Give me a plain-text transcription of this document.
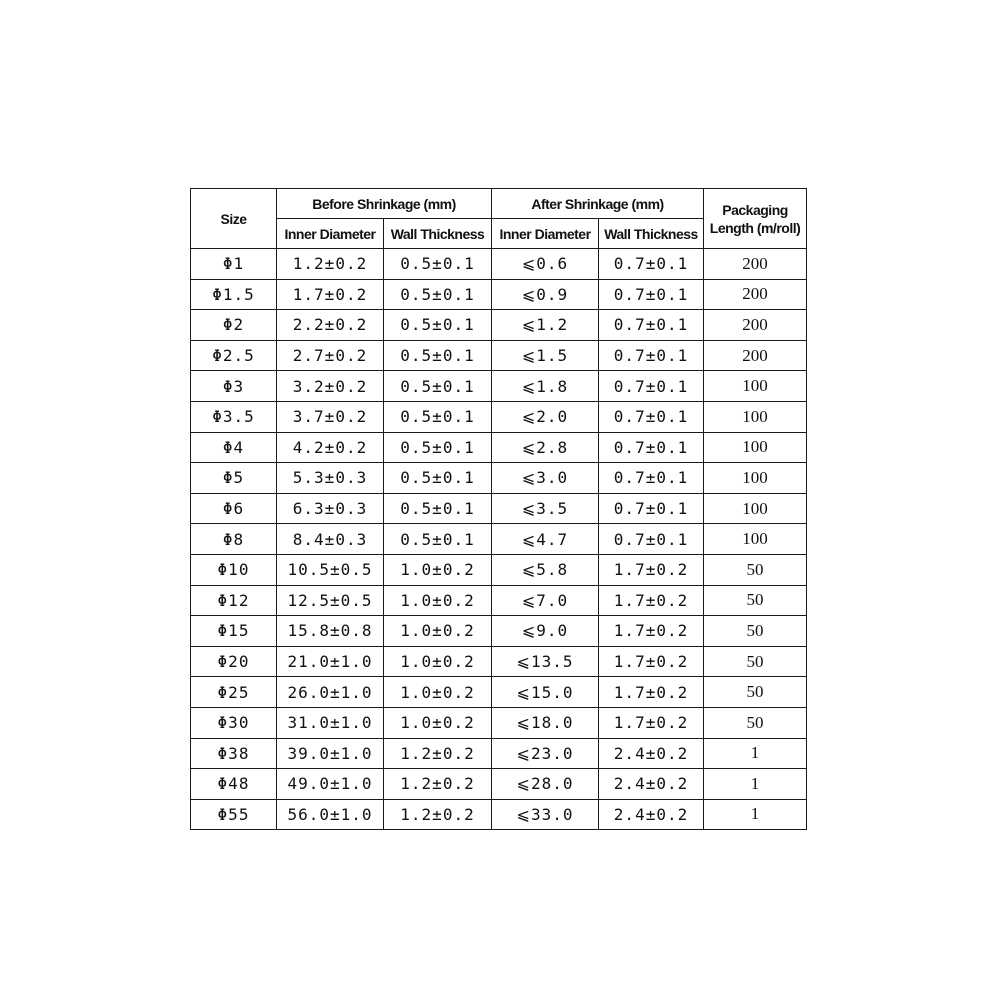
Size	Before Shrinkage (mm)		After Shrinkage (mm)		Packaging Length (m/roll)
	Inner Diameter	Wall Thickness	Inner Diameter	Wall Thickness	
Φ1	1.2±0.2	0.5±0.1	⩽0.6	0.7±0.1	200
Φ1.5	1.7±0.2	0.5±0.1	⩽0.9	0.7±0.1	200
Φ2	2.2±0.2	0.5±0.1	⩽1.2	0.7±0.1	200
Φ2.5	2.7±0.2	0.5±0.1	⩽1.5	0.7±0.1	200
Φ3	3.2±0.2	0.5±0.1	⩽1.8	0.7±0.1	100
Φ3.5	3.7±0.2	0.5±0.1	⩽2.0	0.7±0.1	100
Φ4	4.2±0.2	0.5±0.1	⩽2.8	0.7±0.1	100
Φ5	5.3±0.3	0.5±0.1	⩽3.0	0.7±0.1	100
Φ6	6.3±0.3	0.5±0.1	⩽3.5	0.7±0.1	100
Φ8	8.4±0.3	0.5±0.1	⩽4.7	0.7±0.1	100
Φ10	10.5±0.5	1.0±0.2	⩽5.8	1.7±0.2	50
Φ12	12.5±0.5	1.0±0.2	⩽7.0	1.7±0.2	50
Φ15	15.8±0.8	1.0±0.2	⩽9.0	1.7±0.2	50
Φ20	21.0±1.0	1.0±0.2	⩽13.5	1.7±0.2	50
Φ25	26.0±1.0	1.0±0.2	⩽15.0	1.7±0.2	50
Φ30	31.0±1.0	1.0±0.2	⩽18.0	1.7±0.2	50
Φ38	39.0±1.0	1.2±0.2	⩽23.0	2.4±0.2	1
Φ48	49.0±1.0	1.2±0.2	⩽28.0	2.4±0.2	1
Φ55	56.0±1.0	1.2±0.2	⩽33.0	2.4±0.2	1
